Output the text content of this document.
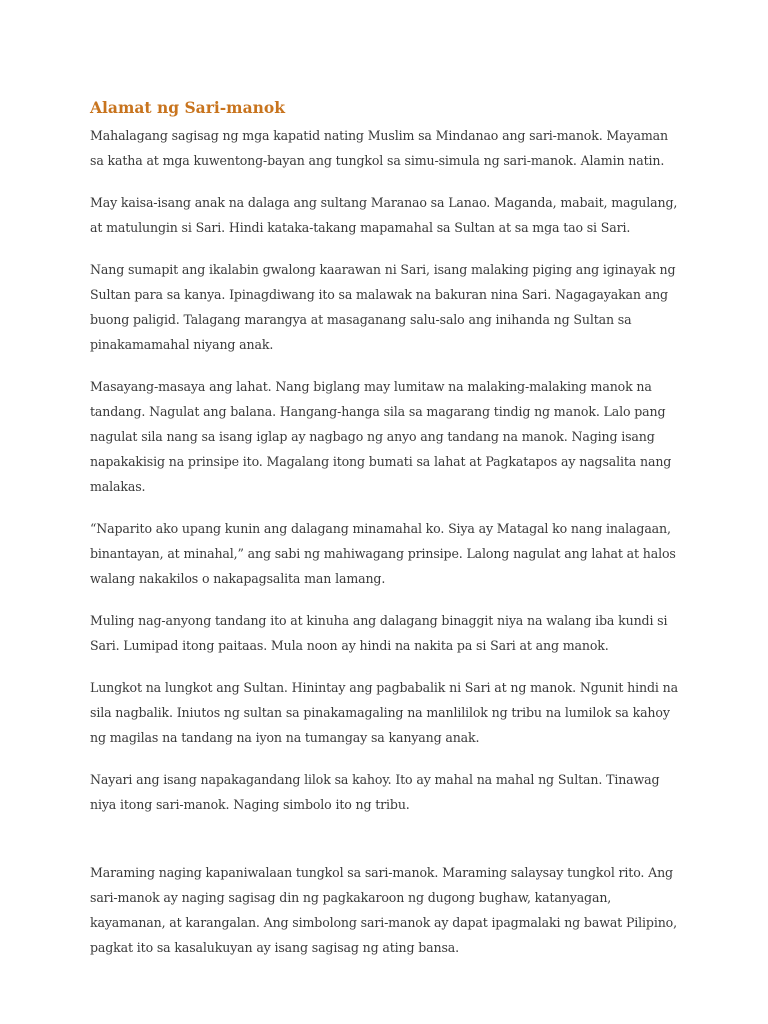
Alamat ng Sari-manok

Mahalagang sagisag ng mga kapatid nating Muslim sa Mindanao ang sari-manok. Mayaman sa katha at mga kuwentong-bayan ang tungkol sa simu-simula ng sari-manok. Alamin natin.

May kaisa-isang anak na dalaga ang sultang Maranao sa Lanao. Maganda, mabait, magulang, at matulungin si Sari. Hindi kataka-takang mapamahal sa Sultan at sa mga tao si Sari.

Nang sumapit ang ikalabin gwalong kaarawan ni Sari, isang malaking piging ang iginayak ng Sultan para sa kanya. Ipinagdiwang ito sa malawak na bakuran nina Sari. Nagagayakan ang buong paligid. Talagang marangya at masaganang salu-salo ang inihanda ng Sultan sa pinakamamahal niyang anak.

Masayang-masaya ang lahat. Nang biglang may lumitaw na malaking-malaking manok na tandang. Nagulat ang balana. Hangang-hanga sila sa magarang tindig ng manok. Lalo pang nagulat sila nang sa isang iglap ay nagbago ng anyo ang tandang na manok. Naging isang napakakisig na prinsipe ito. Magalang itong bumati sa lahat at Pagkatapos ay nagsalita nang malakas.

“Naparito ako upang kunin ang dalagang minamahal ko. Siya ay Matagal ko nang inalagaan, binantayan, at minahal,” ang sabi ng mahiwagang prinsipe. Lalong nagulat ang lahat at halos walang nakakilos o nakapagsalita man lamang.

Muling nag-anyong tandang ito at kinuha ang dalagang binaggit niya na walang iba kundi si Sari. Lumipad itong paitaas. Mula noon ay hindi na nakita pa si Sari at ang manok.

Lungkot na lungkot ang Sultan. Hinintay ang pagbabalik ni Sari at ng manok. Ngunit hindi na sila nagbalik. Iniutos ng sultan sa pinakamagaling na manlililok ng tribu na lumilok sa kahoy ng magilas na tandang na iyon na tumangay sa kanyang anak.

Nayari ang isang napakagandang lilok sa kahoy. Ito ay mahal na mahal ng Sultan. Tinawag niya itong sari-manok. Naging simbolo ito ng tribu.

Maraming naging kapaniwalaan tungkol sa sari-manok. Maraming salaysay tungkol rito. Ang sari-manok ay naging sagisag din ng pagkakaroon ng dugong bughaw, katanyagan, kayamanan, at karangalan. Ang simbolong sari-manok ay dapat ipagmalaki ng bawat Pilipino, pagkat ito sa kasalukuyan ay isang sagisag ng ating bansa.
